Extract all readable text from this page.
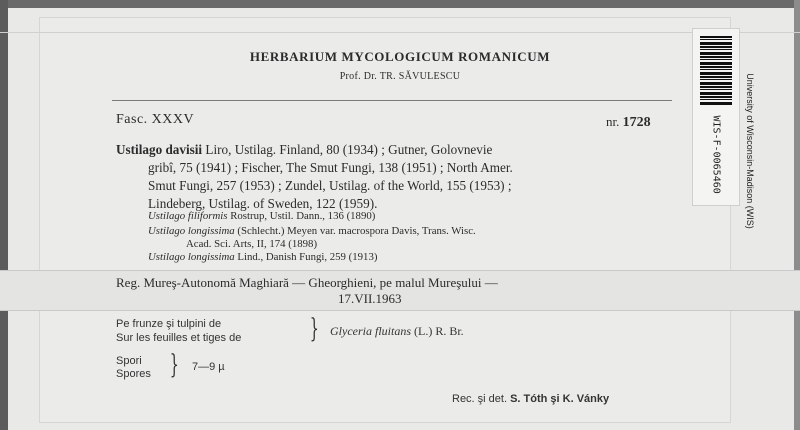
HERBARIUM MYCOLOGICUM ROMANICUM
Prof. Dr. TR. SĂVULESCU
Fasc. XXXV	nr. 1728
Ustilago davisii Liro, Ustilag. Finland, 80 (1934) ; Gutner, Golovnevie
gribî, 75 (1941) ; Fischer, The Smut Fungi, 138 (1951) ; North Amer.
Smut Fungi, 257 (1953) ; Zundel, Ustilag. of the World, 155 (1953) ;
Lindeberg, Ustilag. of Sweden, 122 (1959).
Ustilago filiformis Rostrup, Ustil. Dann., 136 (1890)
Ustilago longissima (Schlecht.) Meyen var. macrospora Davis, Trans. Wisc.
Acad. Sci. Arts, II, 174 (1898)
Ustilago longissima Lind., Danish Fungi, 259 (1913)
Reg. Mureş-Autonomă Maghiară — Gheorghieni, pe malul Mureşului —
17.VII.1963
Pe frunze şi tulpini de
Sur les feuilles et tiges de	} Glyceria fluitans (L.) R. Br.
Spori
Spores } 7—9 µ
Rec. şi det. S. Tóth şi K. Vánky
WIS-F-0065460	University of Wisconsin-Madison (WIS)
